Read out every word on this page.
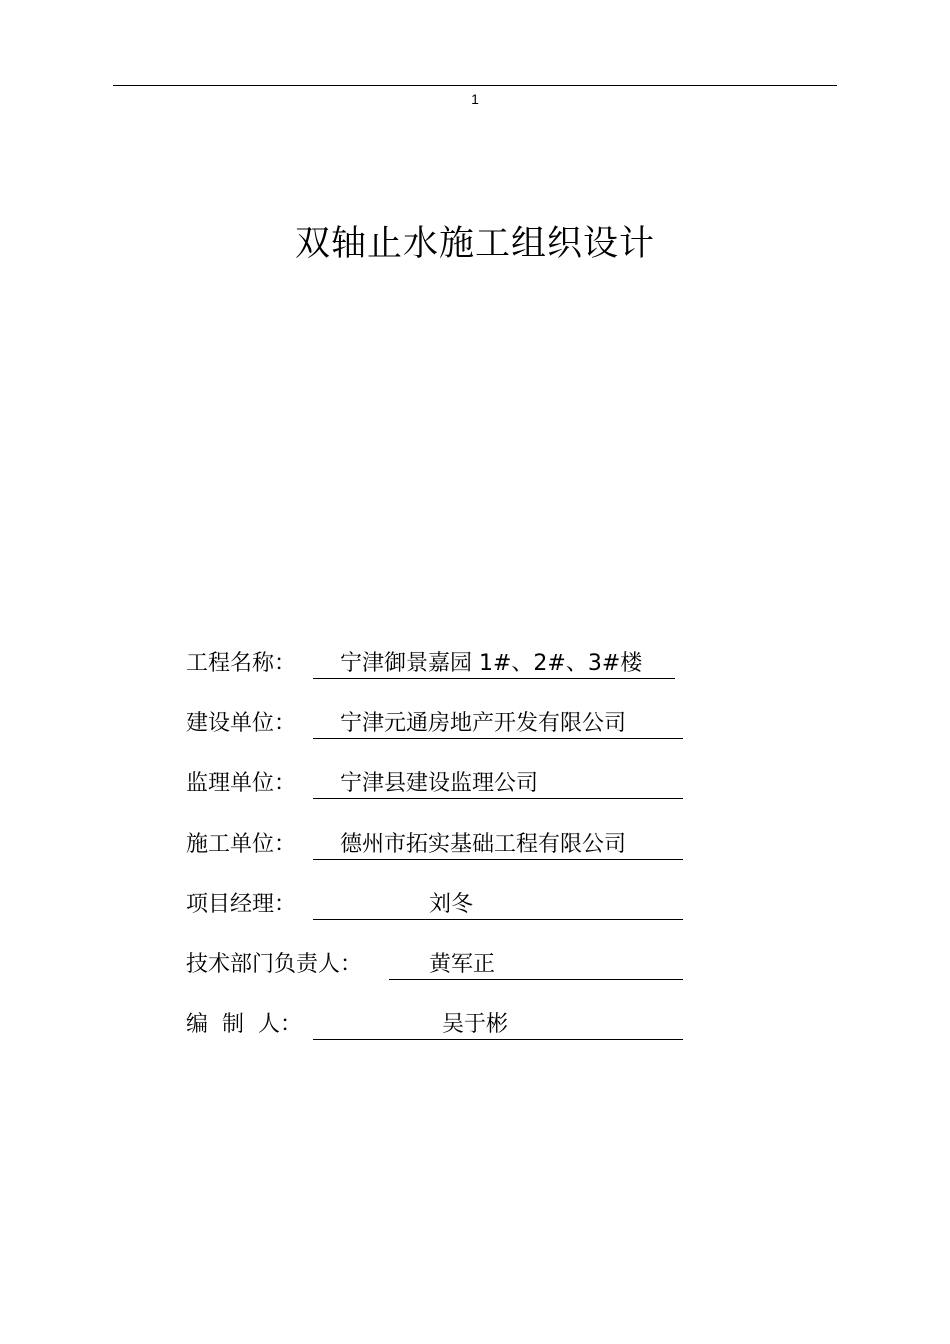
1
双轴止水施工组织设计
工程名称： 宁津御景嘉园 1#、2#、3#楼
建设单位： 宁津元通房地产开发有限公司
监理单位： 宁津县建设监理公司
施工单位： 德州市拓实基础工程有限公司
项目经理：	刘冬
技术部门负责人：	黄军正
编  制  人：	吴于彬
